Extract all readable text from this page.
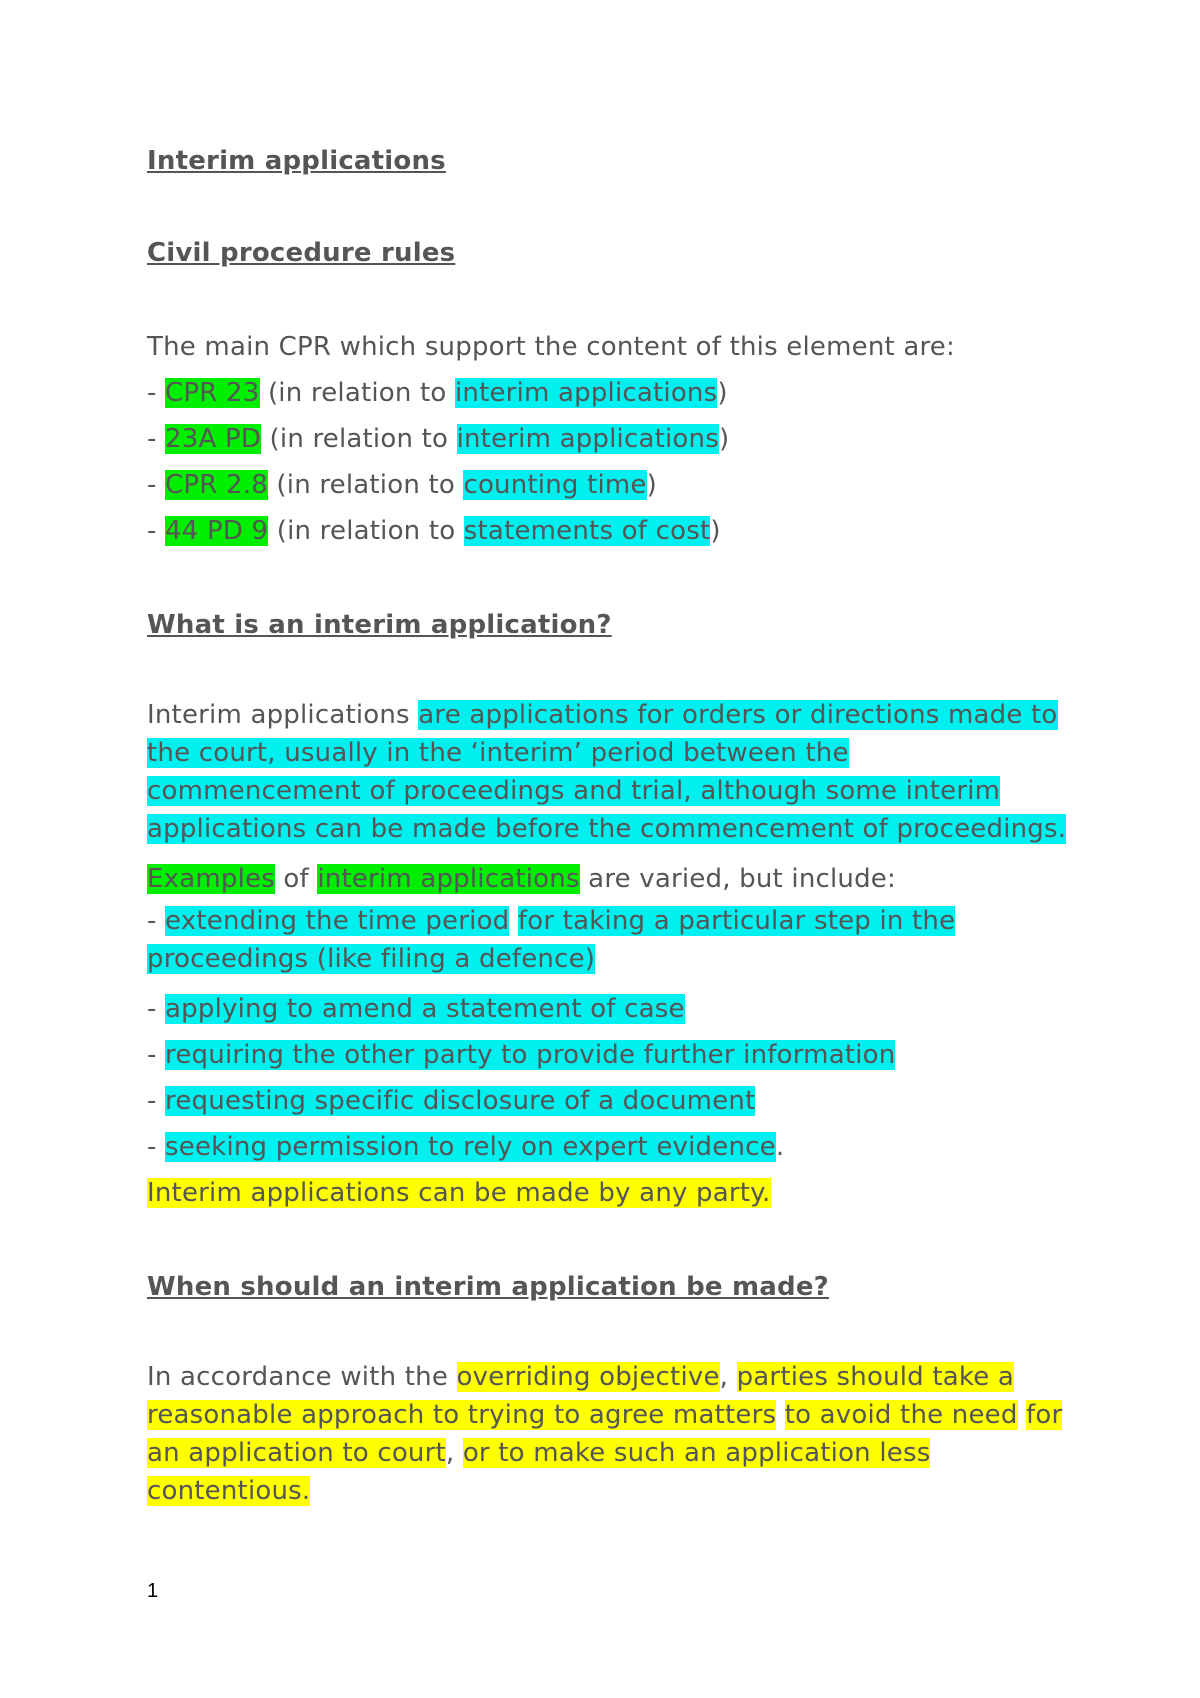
Interim applications

Civil procedure rules

The main CPR which support the content of this element are:

- CPR 23 (in relation to interim applications)

- 23A PD (in relation to interim applications)

- CPR 2.8 (in relation to counting time)

- 44 PD 9 (in relation to statements of cost)

What is an interim application?

Interim applications are applications for orders or directions made to the court, usually in the ‘interim’ period between the commencement of proceedings and trial, although some interim applications can be made before the commencement of proceedings.

Examples of interim applications are varied, but include:

- extending the time period for taking a particular step in the proceedings (like filing a defence)

- applying to amend a statement of case

- requiring the other party to provide further information

- requesting specific disclosure of a document

- seeking permission to rely on expert evidence.

Interim applications can be made by any party.

When should an interim application be made?

In accordance with the overriding objective, parties should take a reasonable approach to trying to agree matters to avoid the need for an application to court, or to make such an application less contentious.

1
